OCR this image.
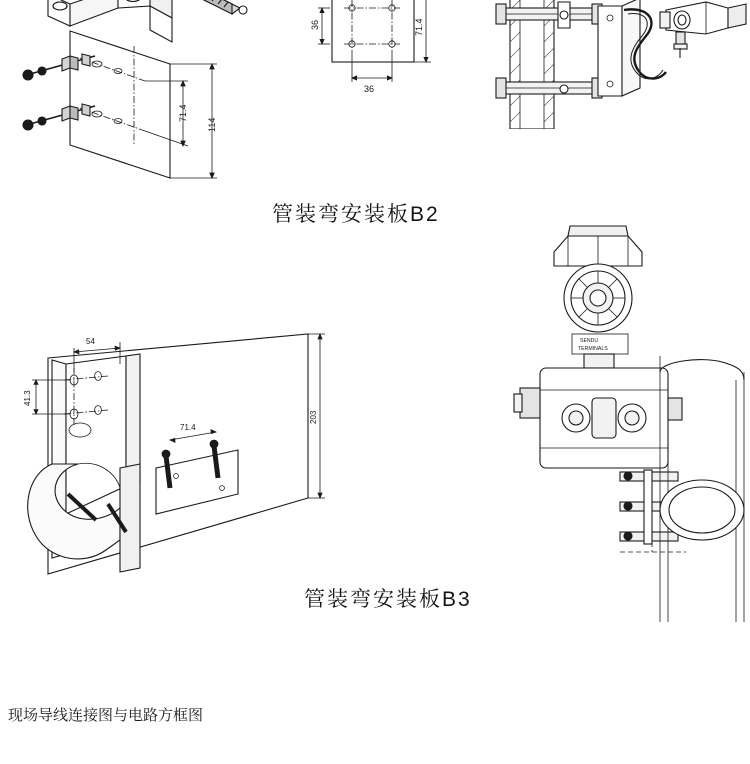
71.4
114
36	71.4
36
管装弯安装板B2
54
41.3
71.4
203
SENDU
TERMINALS
管装弯安装板B3
现场导线连接图与电路方框图
